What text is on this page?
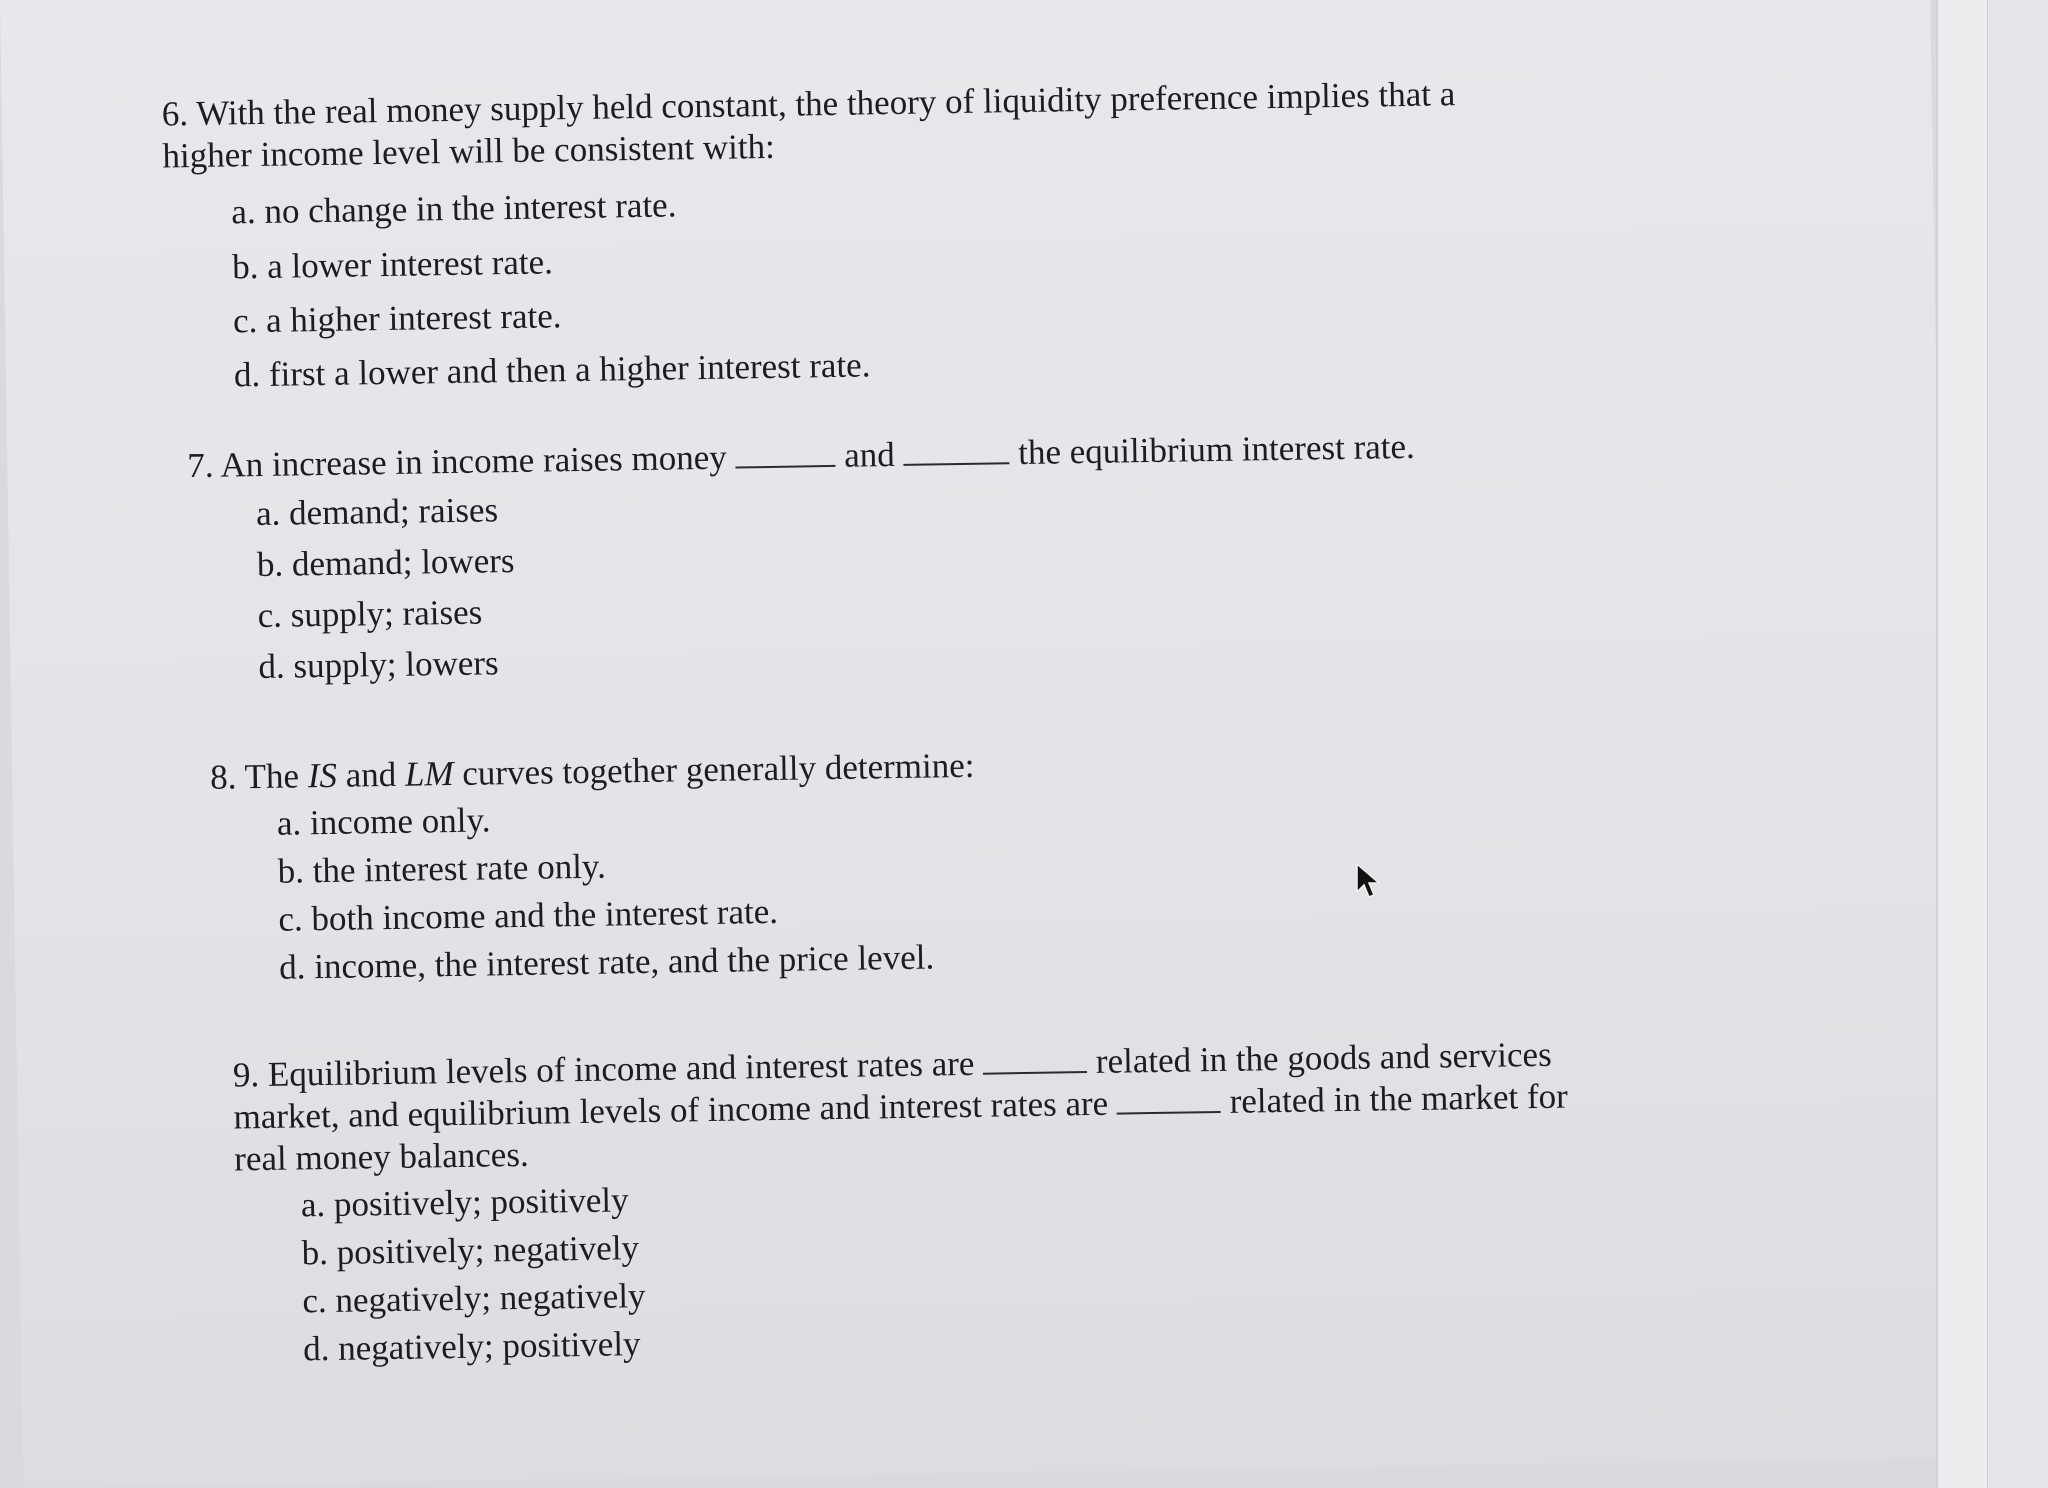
6. With the real money supply held constant, the theory of liquidity preference implies that a
higher income level will be consistent with:
a. no change in the interest rate.
b. a lower interest rate.
c. a higher interest rate.
d. first a lower and then a higher interest rate.
7. An increase in income raises money	and	the equilibrium interest rate.
a. demand; raises
b. demand; lowers
c. supply; raises
d. supply; lowers
8. The IS and LM curves together generally determine:
a. income only.
b. the interest rate only.
c. both income and the interest rate.
d. income, the interest rate, and the price level.
9. Equilibrium levels of income and interest rates are	related in the goods and services
market, and equilibrium levels of income and interest rates are	related in the market for
real money balances.
a. positively; positively
b. positively; negatively
c. negatively; negatively
d. negatively; positively
